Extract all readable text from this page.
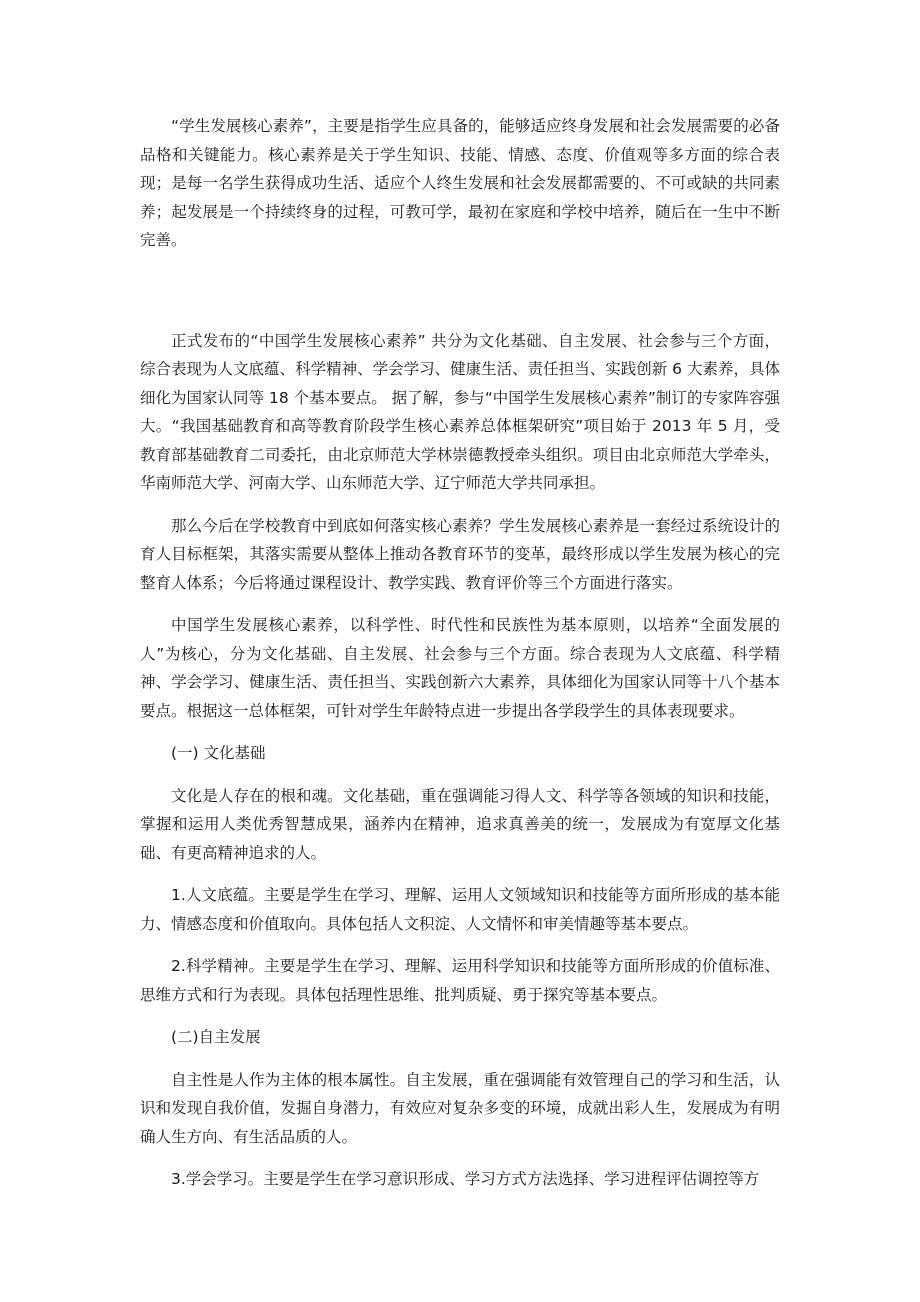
“学生发展核心素养”，主要是指学生应具备的，能够适应终身发展和社会发展需要的必备品格和关键能力。核心素养是关于学生知识、技能、情感、态度、价值观等多方面的综合表现；是每一名学生获得成功生活、适应个人终生发展和社会发展都需要的、不可或缺的共同素养；起发展是一个持续终身的过程，可教可学，最初在家庭和学校中培养，随后在一生中不断完善。

正式发布的“中国学生发展核心素养” 共分为文化基础、自主发展、社会参与三个方面，综合表现为人文底蕴、科学精神、学会学习、健康生活、责任担当、实践创新 6 大素养，具体细化为国家认同等 18 个基本要点。 据了解，参与“中国学生发展核心素养”制订的专家阵容强大。“我国基础教育和高等教育阶段学生核心素养总体框架研究”项目始于 2013 年 5 月，受教育部基础教育二司委托，由北京师范大学林崇德教授牵头组织。项目由北京师范大学牵头，华南师范大学、河南大学、山东师范大学、辽宁师范大学共同承担。

那么今后在学校教育中到底如何落实核心素养？学生发展核心素养是一套经过系统设计的育人目标框架，其落实需要从整体上推动各教育环节的变革，最终形成以学生发展为核心的完整育人体系；今后将通过课程设计、教学实践、教育评价等三个方面进行落实。

中国学生发展核心素养，以科学性、时代性和民族性为基本原则，以培养“全面发展的人”为核心，分为文化基础、自主发展、社会参与三个方面。综合表现为人文底蕴、科学精神、学会学习、健康生活、责任担当、实践创新六大素养，具体细化为国家认同等十八个基本要点。根据这一总体框架，可针对学生年龄特点进一步提出各学段学生的具体表现要求。

(一) 文化基础

文化是人存在的根和魂。文化基础，重在强调能习得人文、科学等各领域的知识和技能，掌握和运用人类优秀智慧成果，涵养内在精神，追求真善美的统一，发展成为有宽厚文化基础、有更高精神追求的人。

1.人文底蕴。主要是学生在学习、理解、运用人文领域知识和技能等方面所形成的基本能力、情感态度和价值取向。具体包括人文积淀、人文情怀和审美情趣等基本要点。

2.科学精神。主要是学生在学习、理解、运用科学知识和技能等方面所形成的价值标准、思维方式和行为表现。具体包括理性思维、批判质疑、勇于探究等基本要点。

(二)自主发展

自主性是人作为主体的根本属性。自主发展，重在强调能有效管理自己的学习和生活，认识和发现自我价值，发掘自身潜力，有效应对复杂多变的环境，成就出彩人生，发展成为有明确人生方向、有生活品质的人。

3.学会学习。主要是学生在学习意识形成、学习方式方法选择、学习进程评估调控等方
